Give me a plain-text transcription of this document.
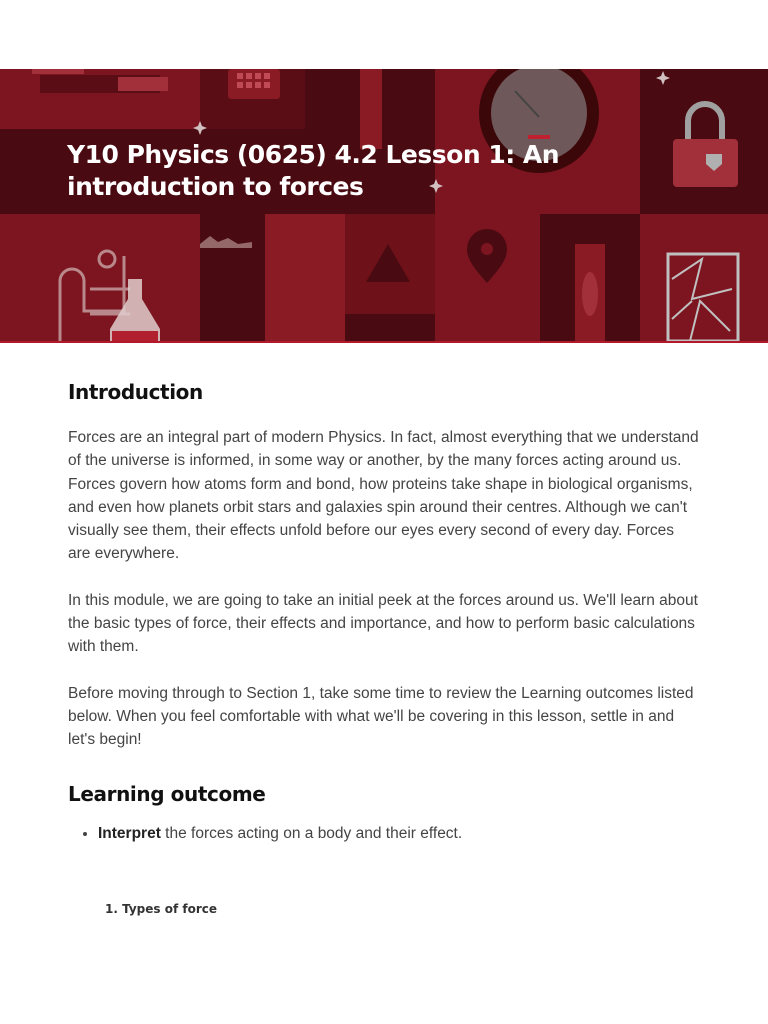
Y10 Physics (0625) 4.2 Lesson 1: An introduction to forces
Introduction

Forces are an integral part of modern Physics. In fact, almost everything that we understand of the universe is informed, in some way or another, by the many forces acting around us. Forces govern how atoms form and bond, how proteins take shape in biological organisms, and even how planets orbit stars and galaxies spin around their centres. Although we can't visually see them, their effects unfold before our eyes every second of every day. Forces are everywhere.

In this module, we are going to take an initial peek at the forces around us. We'll learn about the basic types of force, their effects and importance, and how to perform basic calculations with them.

Before moving through to Section 1, take some time to review the Learning outcomes listed below. When you feel comfortable with what we'll be covering in this lesson, settle in and let's begin!

Learning outcome
• Interpret the forces acting on a body and their effect.
1. Types of force
